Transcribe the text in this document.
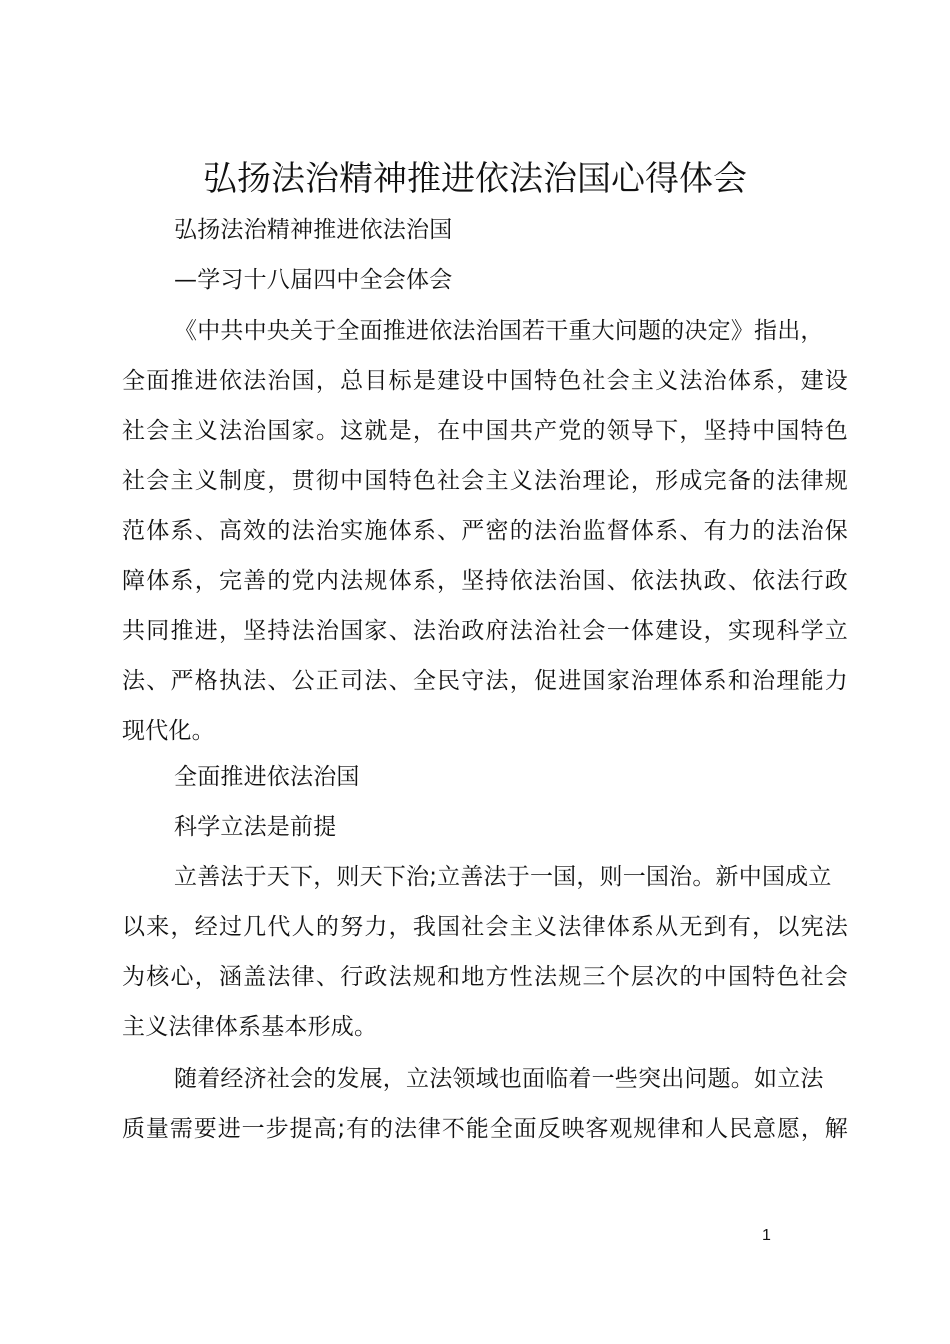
弘扬法治精神推进依法治国心得体会
弘扬法治精神推进依法治国
—学习十八届四中全会体会
《中共中央关于全面推进依法治国若干重大问题的决定》指出，
全面推进依法治国，总目标是建设中国特色社会主义法治体系，建设
社会主义法治国家。这就是，在中国共产党的领导下，坚持中国特色
社会主义制度，贯彻中国特色社会主义法治理论，形成完备的法律规
范体系、高效的法治实施体系、严密的法治监督体系、有力的法治保
障体系，完善的党内法规体系，坚持依法治国、依法执政、依法行政
共同推进，坚持法治国家、法治政府法治社会一体建设，实现科学立
法、严格执法、公正司法、全民守法，促进国家治理体系和治理能力
现代化。
全面推进依法治国
科学立法是前提
立善法于天下，则天下治;立善法于一国，则一国治。新中国成立
以来，经过几代人的努力，我国社会主义法律体系从无到有，以宪法
为核心，涵盖法律、行政法规和地方性法规三个层次的中国特色社会
主义法律体系基本形成。
随着经济社会的发展，立法领域也面临着一些突出问题。如立法
质量需要进一步提高;有的法律不能全面反映客观规律和人民意愿，解
1
